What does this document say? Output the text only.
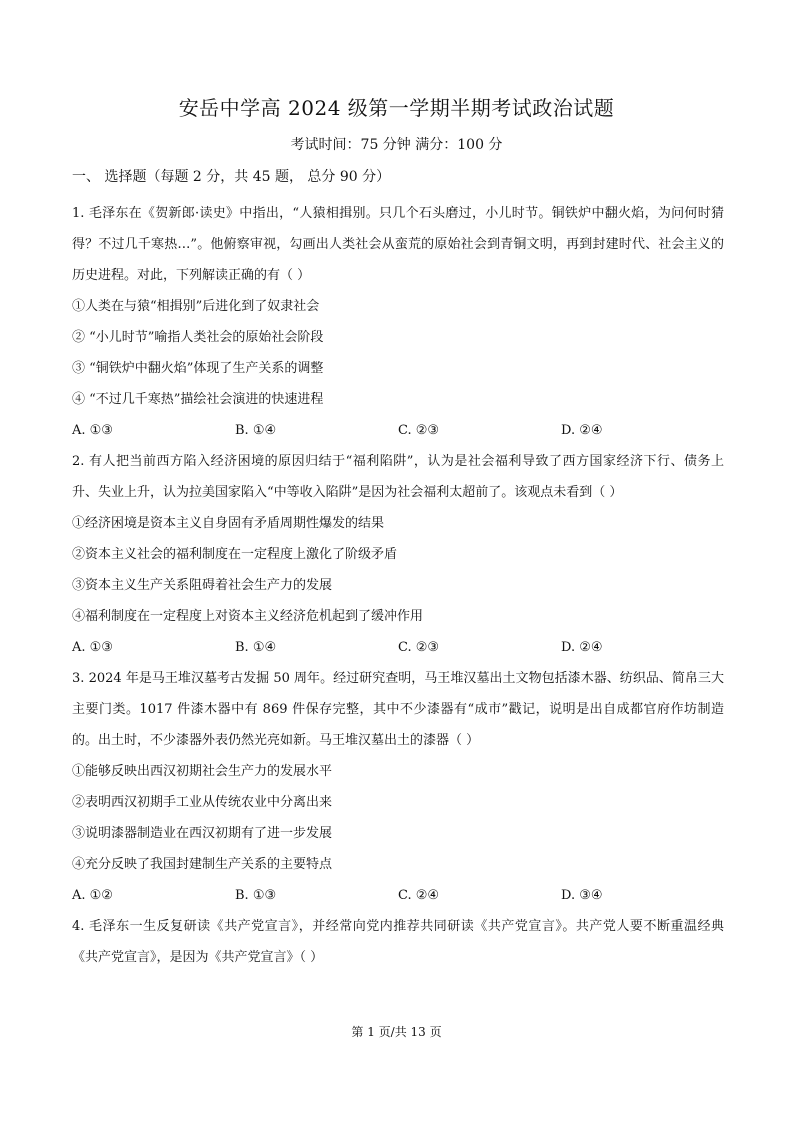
安岳中学高 2024 级第一学期半期考试政治试题
考试时间：75 分钟 满分：100 分
一、 选择题（每题 2 分，共 45 题， 总分 90 分）
1. 毛泽东在《贺新郎·读史》中指出，“人猿相揖别。只几个石头磨过，小儿时节。铜铁炉中翻火焰，为问何时猜得？不过几千寒热…”。他俯察审视，勾画出人类社会从蛮荒的原始社会到青铜文明，再到封建时代、社会主义的历史进程。对此，下列解读正确的有（ ）
①人类在与猿“相揖别”后进化到了奴隶社会
② “小儿时节”喻指人类社会的原始社会阶段
③ “铜铁炉中翻火焰”体现了生产关系的调整
④ “不过几千寒热”描绘社会演进的快速进程
A. ①③	B. ①④	C. ②③	D. ②④
2. 有人把当前西方陷入经济困境的原因归结于“福利陷阱”，认为是社会福利导致了西方国家经济下行、债务上升、失业上升，认为拉美国家陷入“中等收入陷阱”是因为社会福利太超前了。该观点未看到（ ）
①经济困境是资本主义自身固有矛盾周期性爆发的结果
②资本主义社会的福利制度在一定程度上激化了阶级矛盾
③资本主义生产关系阻碍着社会生产力的发展
④福利制度在一定程度上对资本主义经济危机起到了缓冲作用
A. ①③	B. ①④	C. ②③	D. ②④
3. 2024 年是马王堆汉墓考古发掘 50 周年。经过研究查明，马王堆汉墓出土文物包括漆木器、纺织品、简帛三大主要门类。1017 件漆木器中有 869 件保存完整，其中不少漆器有“成市”戳记，说明是出自成都官府作坊制造的。出土时，不少漆器外表仍然光亮如新。马王堆汉墓出土的漆器（ ）
①能够反映出西汉初期社会生产力的发展水平
②表明西汉初期手工业从传统农业中分离出来
③说明漆器制造业在西汉初期有了进一步发展
④充分反映了我国封建制生产关系的主要特点
A. ①②	B. ①③	C. ②④	D. ③④
4. 毛泽东一生反复研读《共产党宣言》，并经常向党内推荐共同研读《共产党宣言》。共产党人要不断重温经典《共产党宣言》，是因为《共产党宣言》（ ）
第 1 页/共 13 页
